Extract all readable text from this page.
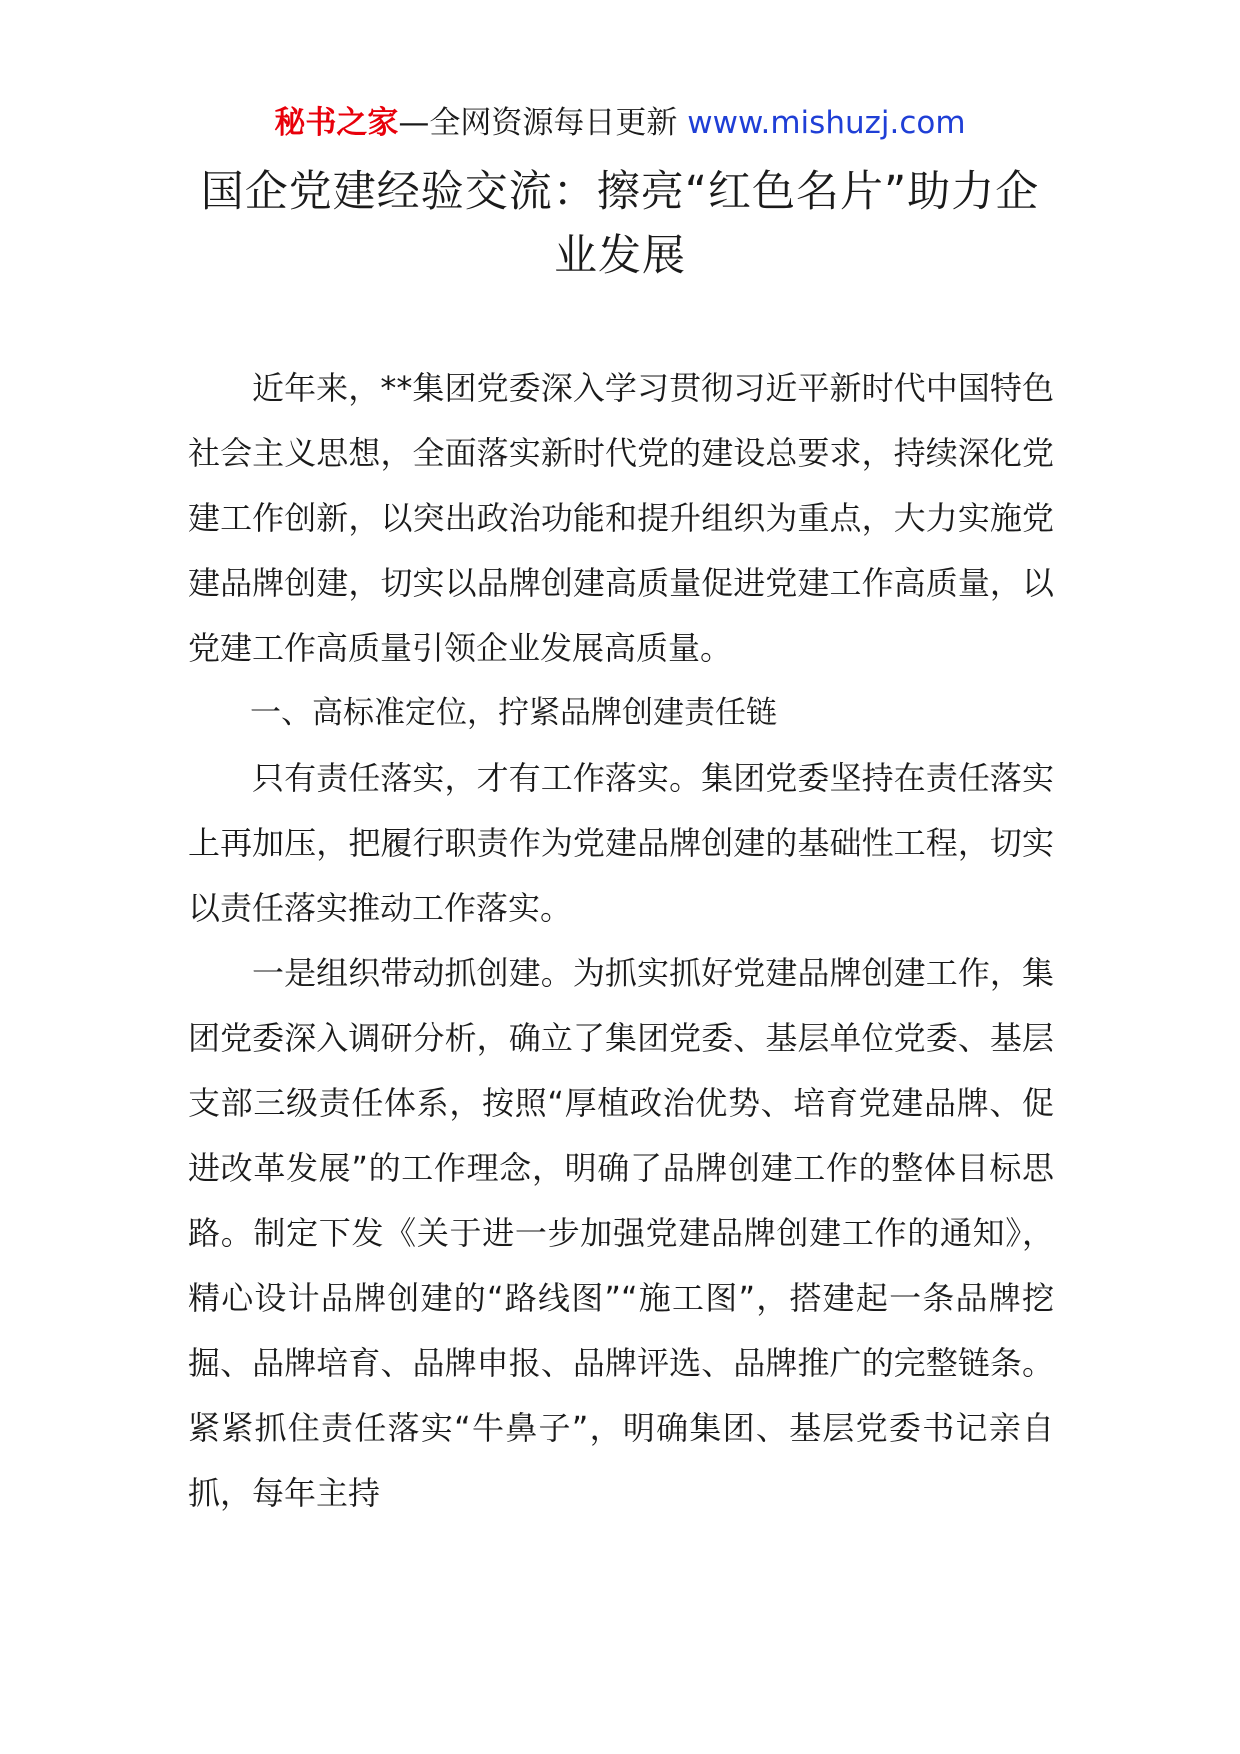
秘书之家—全网资源每日更新 www.mishuzj.com
国企党建经验交流：擦亮“红色名片”助力企业发展

近年来，**集团党委深入学习贯彻习近平新时代中国特色社会主义思想，全面落实新时代党的建设总要求，持续深化党建工作创新，以突出政治功能和提升组织为重点，大力实施党建品牌创建，切实以品牌创建高质量促进党建工作高质量，以党建工作高质量引领企业发展高质量。

一、高标准定位，拧紧品牌创建责任链

只有责任落实，才有工作落实。集团党委坚持在责任落实上再加压，把履行职责作为党建品牌创建的基础性工程，切实以责任落实推动工作落实。

一是组织带动抓创建。为抓实抓好党建品牌创建工作，集团党委深入调研分析，确立了集团党委、基层单位党委、基层支部三级责任体系，按照“厚植政治优势、培育党建品牌、促进改革发展”的工作理念，明确了品牌创建工作的整体目标思路。制定下发《关于进一步加强党建品牌创建工作的通知》，精心设计品牌创建的“路线图”“施工图”，搭建起一条品牌挖掘、品牌培育、品牌申报、品牌评选、品牌推广的完整链条。紧紧抓住责任落实“牛鼻子”，明确集团、基层党委书记亲自抓，每年主持
